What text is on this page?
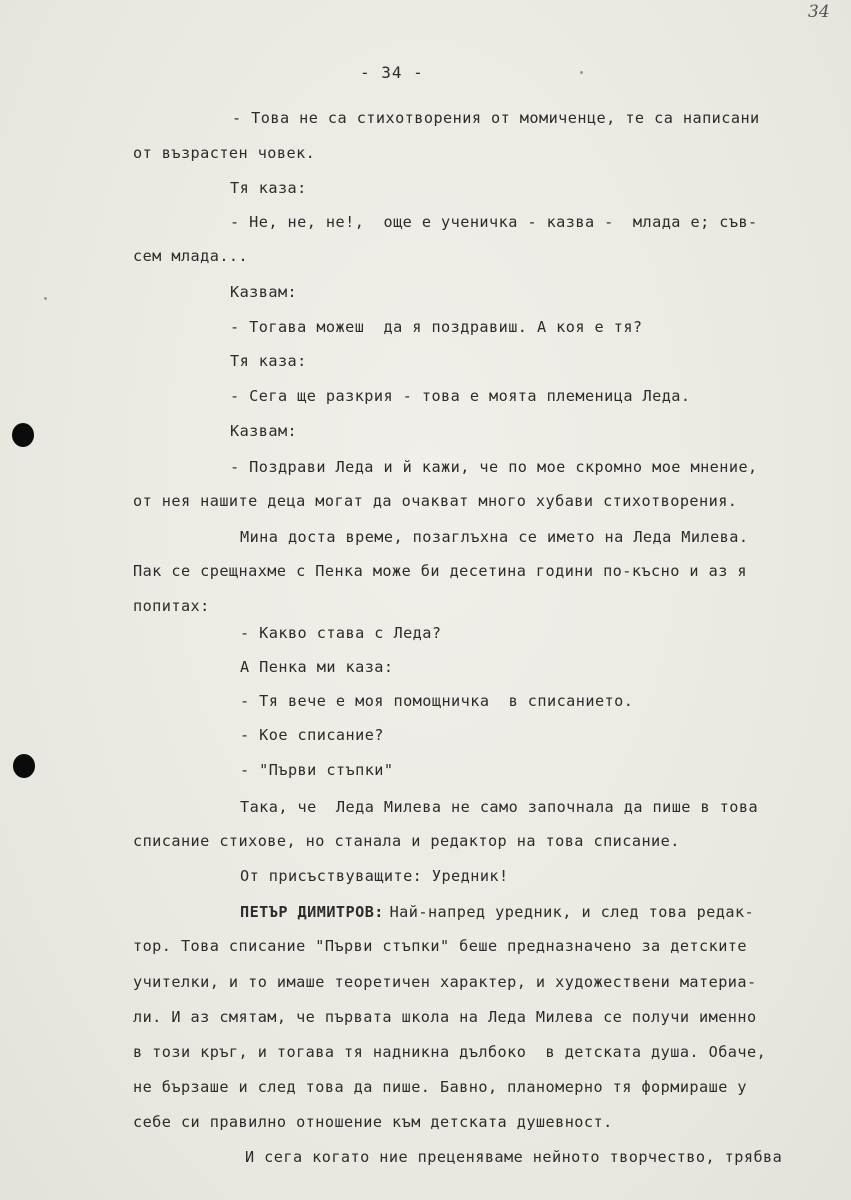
34
- 34 -
- Това не са стихотворения от момиченце, те са написани
от възрастен човек.
Тя каза:
- Не, не, не!,  още е ученичка - казва -  млада е; съв-
сем млада...
Казвам:
- Тогава можеш  да я поздравиш. А коя е тя?
Тя каза:
- Сега ще разкрия - това е моята племеница Леда.
Казвам:
- Поздрави Леда и й кажи, че по мое скромно мое мнение,
от нея нашите деца могат да очакват много хубави стихотворения.
Мина доста време, позаглъхна се името на Леда Милева.
Пак се срещнахме с Пенка може би десетина години по-късно и аз я
попитах:
- Какво става с Леда?
А Пенка ми каза:
- Тя вече е моя помощничка  в списанието.
- Кое списание?
- "Първи стъпки"
Така, че  Леда Милева не само започнала да пише в това
списание стихове, но станала и редактор на това списание.
От присъствуващите: Уредник!
ПЕТЪР ДИМИТРОВ:
Най-напред уредник, и след това редак-
тор. Това списание "Първи стъпки" беше предназначено за детските
учителки, и то имаше теоретичен характер, и художествени материа-
ли. И аз смятам, че първата школа на Леда Милева се получи именно
в този кръг, и тогава тя надникна дълбоко  в детската душа. Обаче,
не бързаше и след това да пише. Бавно, планомерно тя формираше у
себе си правилно отношение към детската душевност.
И сега когато ние преценяваме нейното творчество, трябва
